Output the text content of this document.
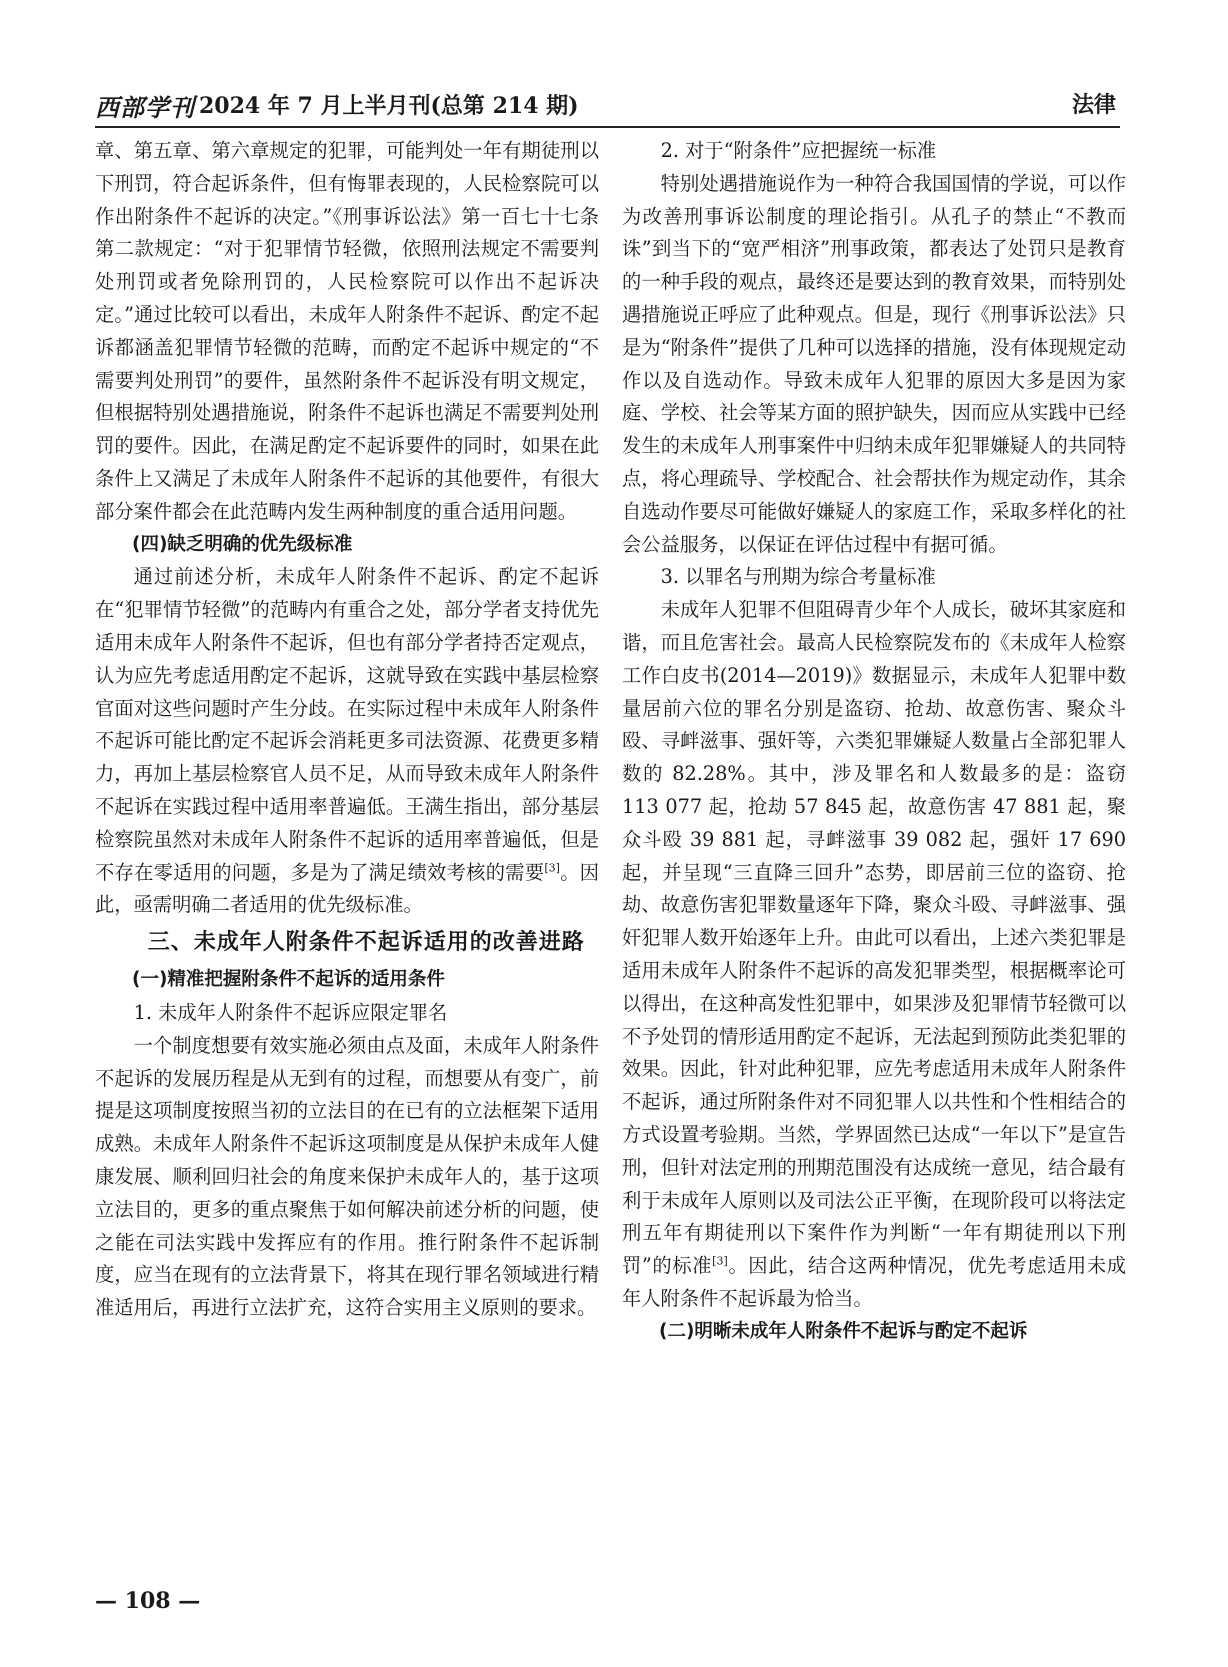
西部学刊 2024 年 7 月上半月刊(总第 214 期)	法律

章、第五章、第六章规定的犯罪，可能判处一年有期徒刑以下刑罚，符合起诉条件，但有悔罪表现的，人民检察院可以作出附条件不起诉的决定。”《刑事诉讼法》第一百七十七条第二款规定：“对于犯罪情节轻微，依照刑法规定不需要判处刑罚或者免除刑罚的，人民检察院可以作出不起诉决定。”通过比较可以看出，未成年人附条件不起诉、酌定不起诉都涵盖犯罪情节轻微的范畴，而酌定不起诉中规定的“不需要判处刑罚”的要件，虽然附条件不起诉没有明文规定，但根据特别处遇措施说，附条件不起诉也满足不需要判处刑罚的要件。因此，在满足酌定不起诉要件的同时，如果在此条件上又满足了未成年人附条件不起诉的其他要件，有很大部分案件都会在此范畴内发生两种制度的重合适用问题。

(四)缺乏明确的优先级标准

通过前述分析，未成年人附条件不起诉、酌定不起诉在“犯罪情节轻微”的范畴内有重合之处，部分学者支持优先适用未成年人附条件不起诉，但也有部分学者持否定观点，认为应先考虑适用酌定不起诉，这就导致在实践中基层检察官面对这些问题时产生分歧。在实际过程中未成年人附条件不起诉可能比酌定不起诉会消耗更多司法资源、花费更多精力，再加上基层检察官人员不足，从而导致未成年人附条件不起诉在实践过程中适用率普遍低。王满生指出，部分基层检察院虽然对未成年人附条件不起诉的适用率普遍低，但是不存在零适用的问题，多是为了满足绩效考核的需要[3]。因此，亟需明确二者适用的优先级标准。

三、未成年人附条件不起诉适用的改善进路
(一)精准把握附条件不起诉的适用条件
1. 未成年人附条件不起诉应限定罪名

一个制度想要有效实施必须由点及面，未成年人附条件不起诉的发展历程是从无到有的过程，而想要从有变广，前提是这项制度按照当初的立法目的在已有的立法框架下适用成熟。未成年人附条件不起诉这项制度是从保护未成年人健康发展、顺利回归社会的角度来保护未成年人的，基于这项立法目的，更多的重点聚焦于如何解决前述分析的问题，使之能在司法实践中发挥应有的作用。推行附条件不起诉制度，应当在现有的立法背景下，将其在现行罪名领域进行精准适用后，再进行立法扩充，这符合实用主义原则的要求。

2. 对于“附条件”应把握统一标准

特别处遇措施说作为一种符合我国国情的学说，可以作为改善刑事诉讼制度的理论指引。从孔子的禁止“不教而诛”到当下的“宽严相济”刑事政策，都表达了处罚只是教育的一种手段的观点，最终还是要达到的教育效果，而特别处遇措施说正呼应了此种观点。但是，现行《刑事诉讼法》只是为“附条件”提供了几种可以选择的措施，没有体现规定动作以及自选动作。导致未成年人犯罪的原因大多是因为家庭、学校、社会等某方面的照护缺失，因而应从实践中已经发生的未成年人刑事案件中归纳未成年犯罪嫌疑人的共同特点，将心理疏导、学校配合、社会帮扶作为规定动作，其余自选动作要尽可能做好嫌疑人的家庭工作，采取多样化的社会公益服务，以保证在评估过程中有据可循。

3. 以罪名与刑期为综合考量标准

未成年人犯罪不但阻碍青少年个人成长，破坏其家庭和谐，而且危害社会。最高人民检察院发布的《未成年人检察工作白皮书(2014—2019)》数据显示，未成年人犯罪中数量居前六位的罪名分别是盗窃、抢劫、故意伤害、聚众斗殴、寻衅滋事、强奸等，六类犯罪嫌疑人数量占全部犯罪人数的 82.28%。其中，涉及罪名和人数最多的是：盗窃 113 077 起，抢劫 57 845 起，故意伤害 47 881 起，聚众斗殴 39 881 起，寻衅滋事 39 082 起，强奸 17 690 起，并呈现“三直降三回升”态势，即居前三位的盗窃、抢劫、故意伤害犯罪数量逐年下降，聚众斗殴、寻衅滋事、强奸犯罪人数开始逐年上升。由此可以看出，上述六类犯罪是适用未成年人附条件不起诉的高发犯罪类型，根据概率论可以得出，在这种高发性犯罪中，如果涉及犯罪情节轻微可以不予处罚的情形适用酌定不起诉，无法起到预防此类犯罪的效果。因此，针对此种犯罪，应先考虑适用未成年人附条件不起诉，通过所附条件对不同犯罪人以共性和个性相结合的方式设置考验期。当然，学界固然已达成“一年以下”是宣告刑，但针对法定刑的刑期范围没有达成统一意见，结合最有利于未成年人原则以及司法公正平衡，在现阶段可以将法定刑五年有期徒刑以下案件作为判断“一年有期徒刑以下刑罚”的标准[3]。因此，结合这两种情况，优先考虑适用未成年人附条件不起诉最为恰当。

(二)明晰未成年人附条件不起诉与酌定不起诉
— 108 —
